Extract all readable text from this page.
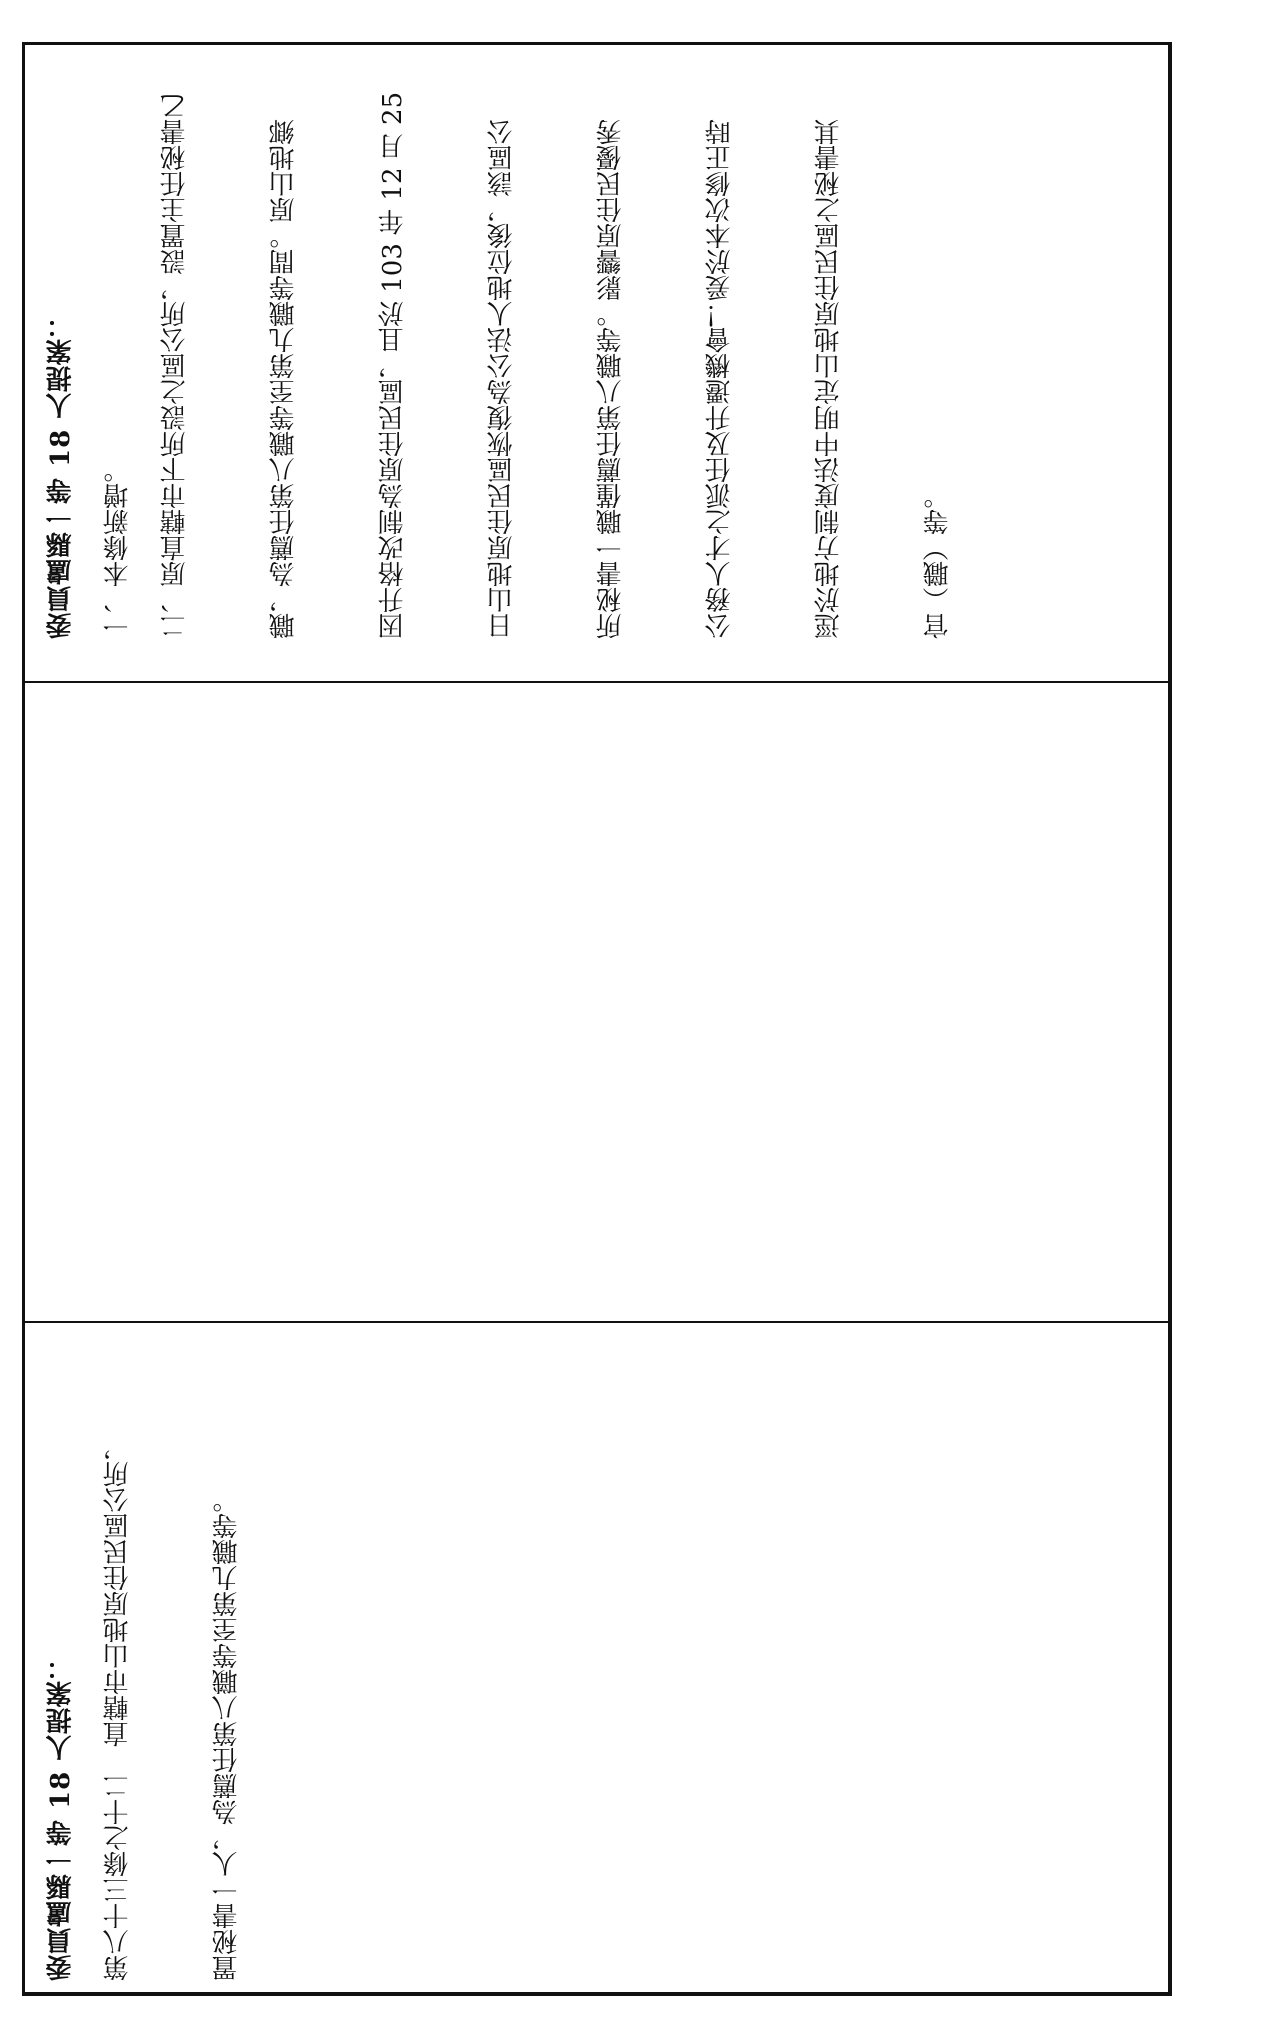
委員盧縣一等 18 人提案：	一、本條新增。	二、原直轄市下所設之區公所，設置主任秘書乙	職，為薦任第八職等至第九職等間。原山地鄉	因升格改制為原住民區，且於 103 年 12 月 25	日山地原住民區恢復為公法人地位後，該區公	所秘書一職僅薦任第八職等。影響原住民優秀	公務人才之派任及升遷機會！爰於本次修正時	逕於地方制度法中明定山地原住民區之秘書其	官（職）等。

委員盧縣一等 18 人提案：	第八十三條之十二　直轄市山地原住民區公所，	置秘書一人，為薦任第八職等至第九職等。
